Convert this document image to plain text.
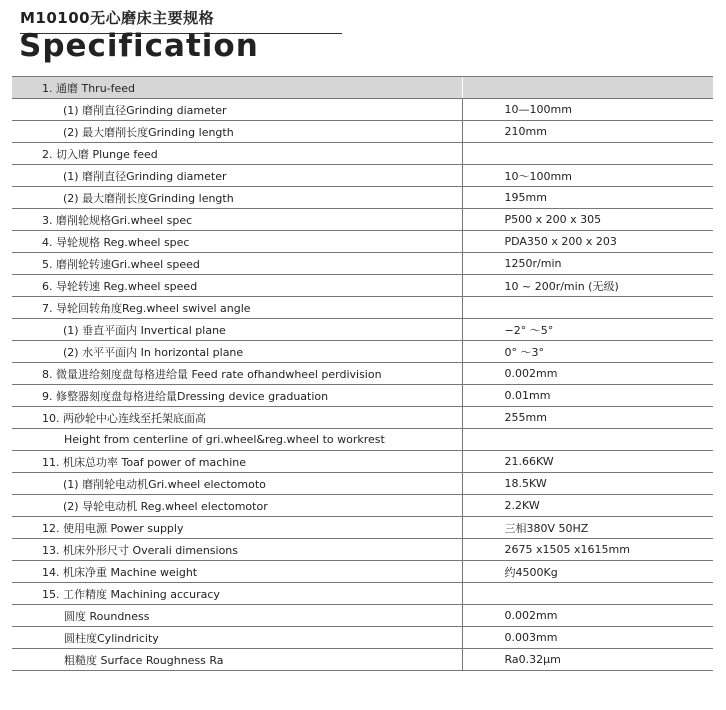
M10100无心磨床主要规格
Specification
1. 通磨 Thru-feed	
(1) 磨削直径Grinding diameter	10—100mm
(2) 最大磨削长度Grinding length	210mm
2. 切入磨 Plunge feed	
(1) 磨削直径Grinding diameter	10～100mm
(2) 最大磨削长度Grinding length	195mm
3. 磨削轮规格Gri.wheel spec	P500 x 200 x 305
4. 导轮规格 Reg.wheel spec	PDA350 x 200 x 203
5. 磨削轮转速Gri.wheel speed	1250r/min
6. 导轮转速 Reg.wheel speed	10 ~ 200r/min (无级)
7. 导轮回转角度Reg.wheel swivel angle	
(1) 垂直平面内 Invertical plane	−2° ～5°
(2) 水平平面内 In horizontal plane	0° ～3°
8. 微量进给刻度盘每格进给量 Feed rate ofhandwheel perdivision	0.002mm
9. 修整器刻度盘每格进给量Dressing device graduation	0.01mm
10. 两砂轮中心连线至托架底面高	255mm
Height from centerline of gri.wheel&reg.wheel to workrest	
11. 机床总功率 Toaf power of machine	21.66KW
(1) 磨削轮电动机Gri.wheel electomoto	18.5KW
(2) 导轮电动机 Reg.wheel electomotor	2.2KW
12. 使用电源 Power supply	三相380V 50HZ
13. 机床外形尺寸 Overali dimensions	2675 x1505 x1615mm
14. 机床净重 Machine weight	约4500Kg
15. 工作精度 Machining accuracy	
圆度 Roundness	0.002mm
圆柱度Cylindricity	0.003mm
粗糙度 Surface Roughness Ra	Ra0.32μm
